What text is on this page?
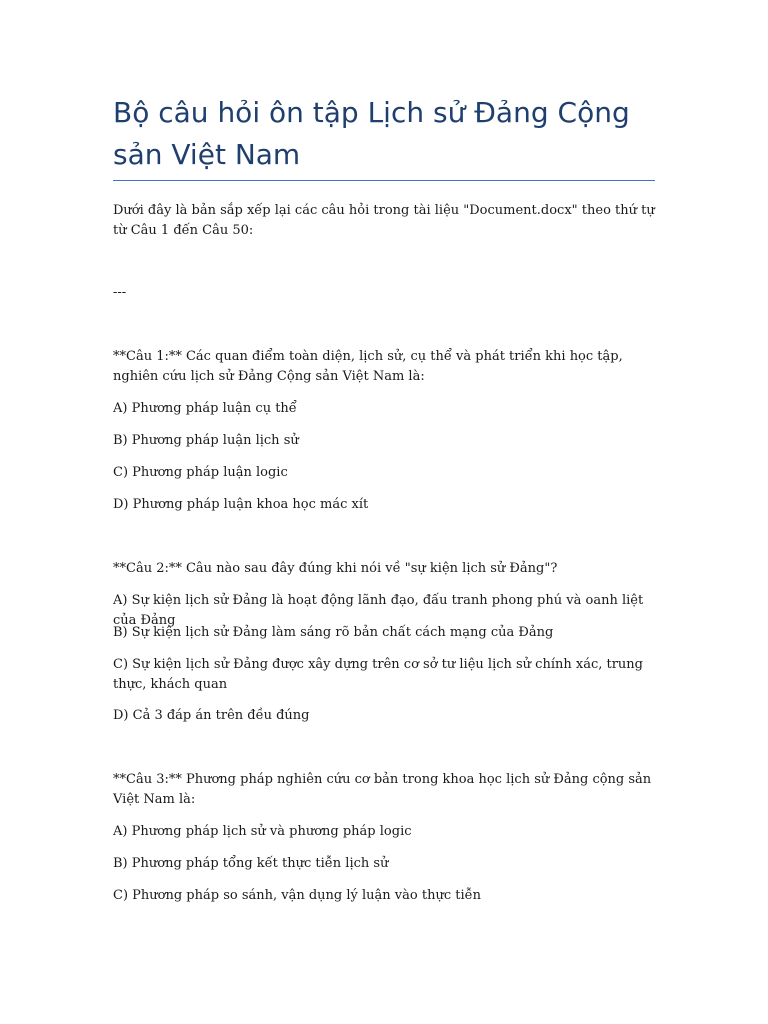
Bộ câu hỏi ôn tập Lịch sử Đảng Cộng sản Việt Nam

Dưới đây là bản sắp xếp lại các câu hỏi trong tài liệu "Document.docx" theo thứ tự từ Câu 1 đến Câu 50:

---

**Câu 1:** Các quan điểm toàn diện, lịch sử, cụ thể và phát triển khi học tập, nghiên cứu lịch sử Đảng Cộng sản Việt Nam là:

A) Phương pháp luận cụ thể

B) Phương pháp luận lịch sử

C) Phương pháp luận logic

D) Phương pháp luận khoa học mác xít

**Câu 2:** Câu nào sau đây đúng khi nói về "sự kiện lịch sử Đảng"?

A) Sự kiện lịch sử Đảng là hoạt động lãnh đạo, đấu tranh phong phú và oanh liệt của Đảng

B) Sự kiện lịch sử Đảng làm sáng rõ bản chất cách mạng của Đảng

C) Sự kiện lịch sử Đảng được xây dựng trên cơ sở tư liệu lịch sử chính xác, trung thực, khách quan

D) Cả 3 đáp án trên đều đúng

**Câu 3:** Phương pháp nghiên cứu cơ bản trong khoa học lịch sử Đảng cộng sản Việt Nam là:

A) Phương pháp lịch sử và phương pháp logic

B) Phương pháp tổng kết thực tiễn lịch sử

C) Phương pháp so sánh, vận dụng lý luận vào thực tiễn
